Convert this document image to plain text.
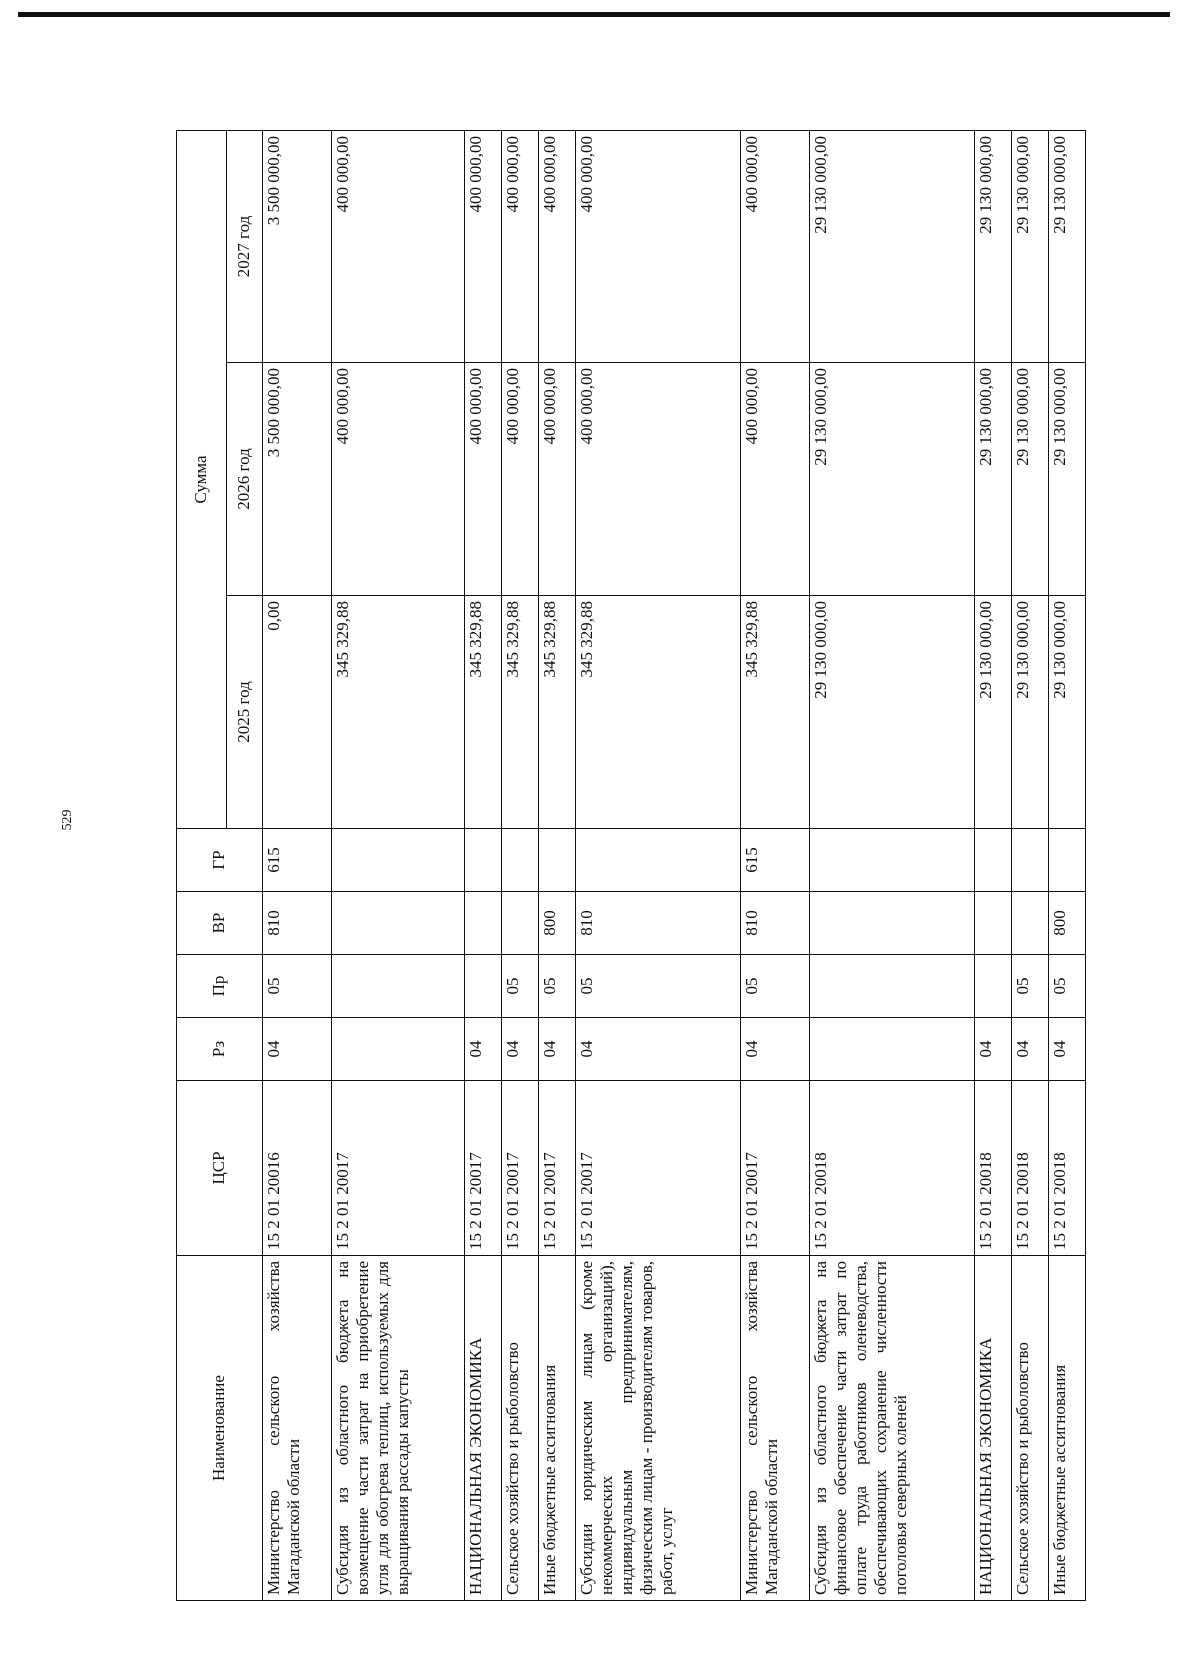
529
Наименование	ЦСР	Рз	Пр	ВР	ГР	Сумма		
						2025 год	2026 год	2027 год
Министерство сельского хозяйства Магаданской области	15 2 01 20016	04	05	810	615	0,00	3 500 000,00	3 500 000,00
Субсидия из областного бюджета на возмещение части затрат на приобретение угля для обогрева теплиц, используемых для выращивания рассады капусты	15 2 01 20017					345 329,88	400 000,00	400 000,00
НАЦИОНАЛЬНАЯ ЭКОНОМИКА	15 2 01 20017	04				345 329,88	400 000,00	400 000,00
Сельское хозяйство и рыболовство	15 2 01 20017	04	05			345 329,88	400 000,00	400 000,00
Иные бюджетные ассигнования	15 2 01 20017	04	05	800		345 329,88	400 000,00	400 000,00
Субсидии юридическим лицам (кроме некоммерческих организаций), индивидуальным предпринимателям, физическим лицам - производителям товаров, работ, услуг	15 2 01 20017	04	05	810		345 329,88	400 000,00	400 000,00
Министерство сельского хозяйства Магаданской области	15 2 01 20017	04	05	810	615	345 329,88	400 000,00	400 000,00
Субсидия из областного бюджета на финансовое обеспечение части затрат по оплате труда работников оленеводства, обеспечивающих сохранение численности поголовья северных оленей	15 2 01 20018					29 130 000,00	29 130 000,00	29 130 000,00
НАЦИОНАЛЬНАЯ ЭКОНОМИКА	15 2 01 20018	04				29 130 000,00	29 130 000,00	29 130 000,00
Сельское хозяйство и рыболовство	15 2 01 20018	04	05			29 130 000,00	29 130 000,00	29 130 000,00
Иные бюджетные ассигнования	15 2 01 20018	04	05	800		29 130 000,00	29 130 000,00	29 130 000,00
